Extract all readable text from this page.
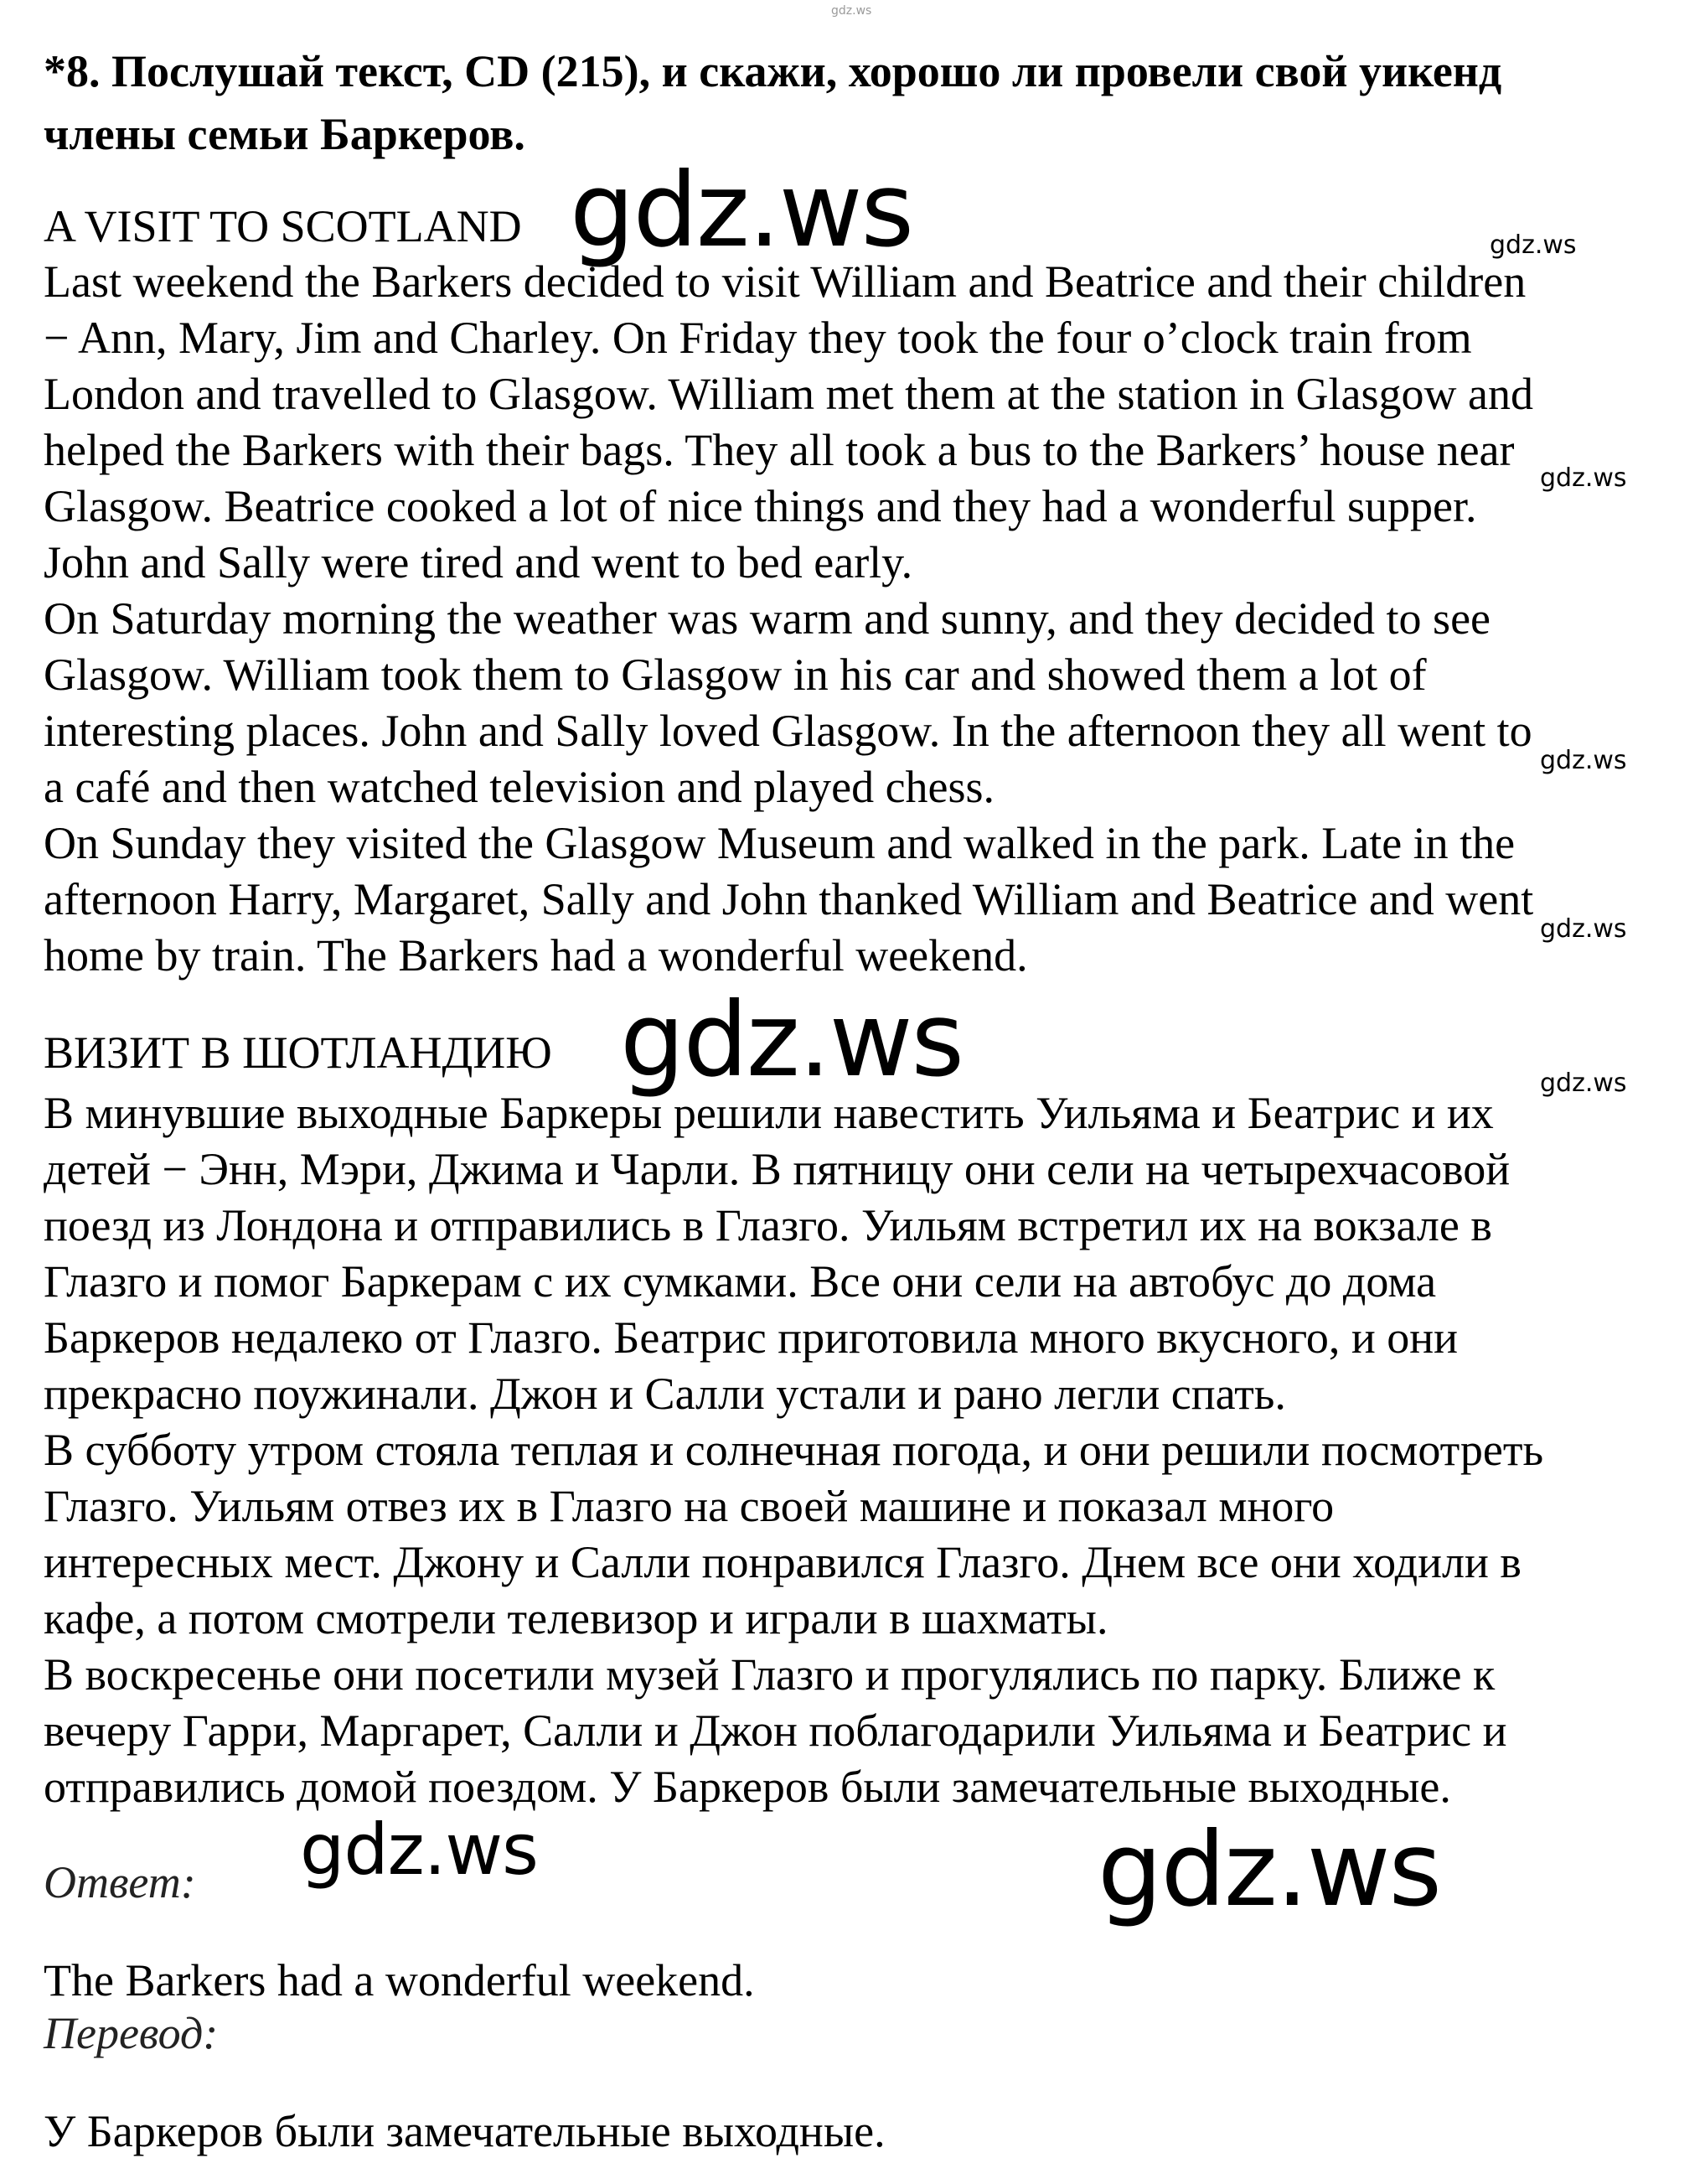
gdz.ws
*8. Послушай текст, CD (215), и скажи, хорошо ли провели свой уикенд
члены семьи Баркеров.
A VISIT TO SCOTLAND gdz.ws	gdz.ws
Last weekend the Barkers decided to visit William and Beatrice and their children
− Ann, Mary, Jim and Charley. On Friday they took the four o’clock train from
London and travelled to Glasgow. William met them at the station in Glasgow and
helped the Barkers with their bags. They all took a bus to the Barkers’ house near
Glasgow. Beatrice cooked a lot of nice things and they had a wonderful supper.
John and Sally were tired and went to bed early.
On Saturday morning the weather was warm and sunny, and they decided to see
Glasgow. William took them to Glasgow in his car and showed them a lot of
interesting places. John and Sally loved Glasgow. In the afternoon they all went to
a café and then watched television and played chess.
On Sunday they visited the Glasgow Museum and walked in the park. Late in the
afternoon Harry, Margaret, Sally and John thanked William and Beatrice and went
home by train. The Barkers had a wonderful weekend.
gdz.ws
gdz.ws
gdz.ws
ВИЗИТ В ШОТЛАНДИЮ gdz.ws	gdz.ws
В минувшие выходные Баркеры решили навестить Уильяма и Беатрис и их
детей − Энн, Мэри, Джима и Чарли. В пятницу они сели на четырехчасовой
поезд из Лондона и отправились в Глазго. Уильям встретил их на вокзале в
Глазго и помог Баркерам с их сумками. Все они сели на автобус до дома
Баркеров недалеко от Глазго. Беатрис приготовила много вкусного, и они
прекрасно поужинали. Джон и Салли устали и рано легли спать.
В субботу утром стояла теплая и солнечная погода, и они решили посмотреть
Глазго. Уильям отвез их в Глазго на своей машине и показал много
интересных мест. Джону и Салли понравился Глазго. Днем все они ходили в
кафе, а потом смотрели телевизор и играли в шахматы.
В воскресенье они посетили музей Глазго и прогулялись по парку. Ближе к
вечеру Гарри, Маргарет, Салли и Джон поблагодарили Уильяма и Беатрис и
отправились домой поездом. У Баркеров были замечательные выходные.
gdz.ws	gdz.ws
Ответ:
The Barkers had a wonderful weekend.
Перевод:
У Баркеров были замечательные выходные.
